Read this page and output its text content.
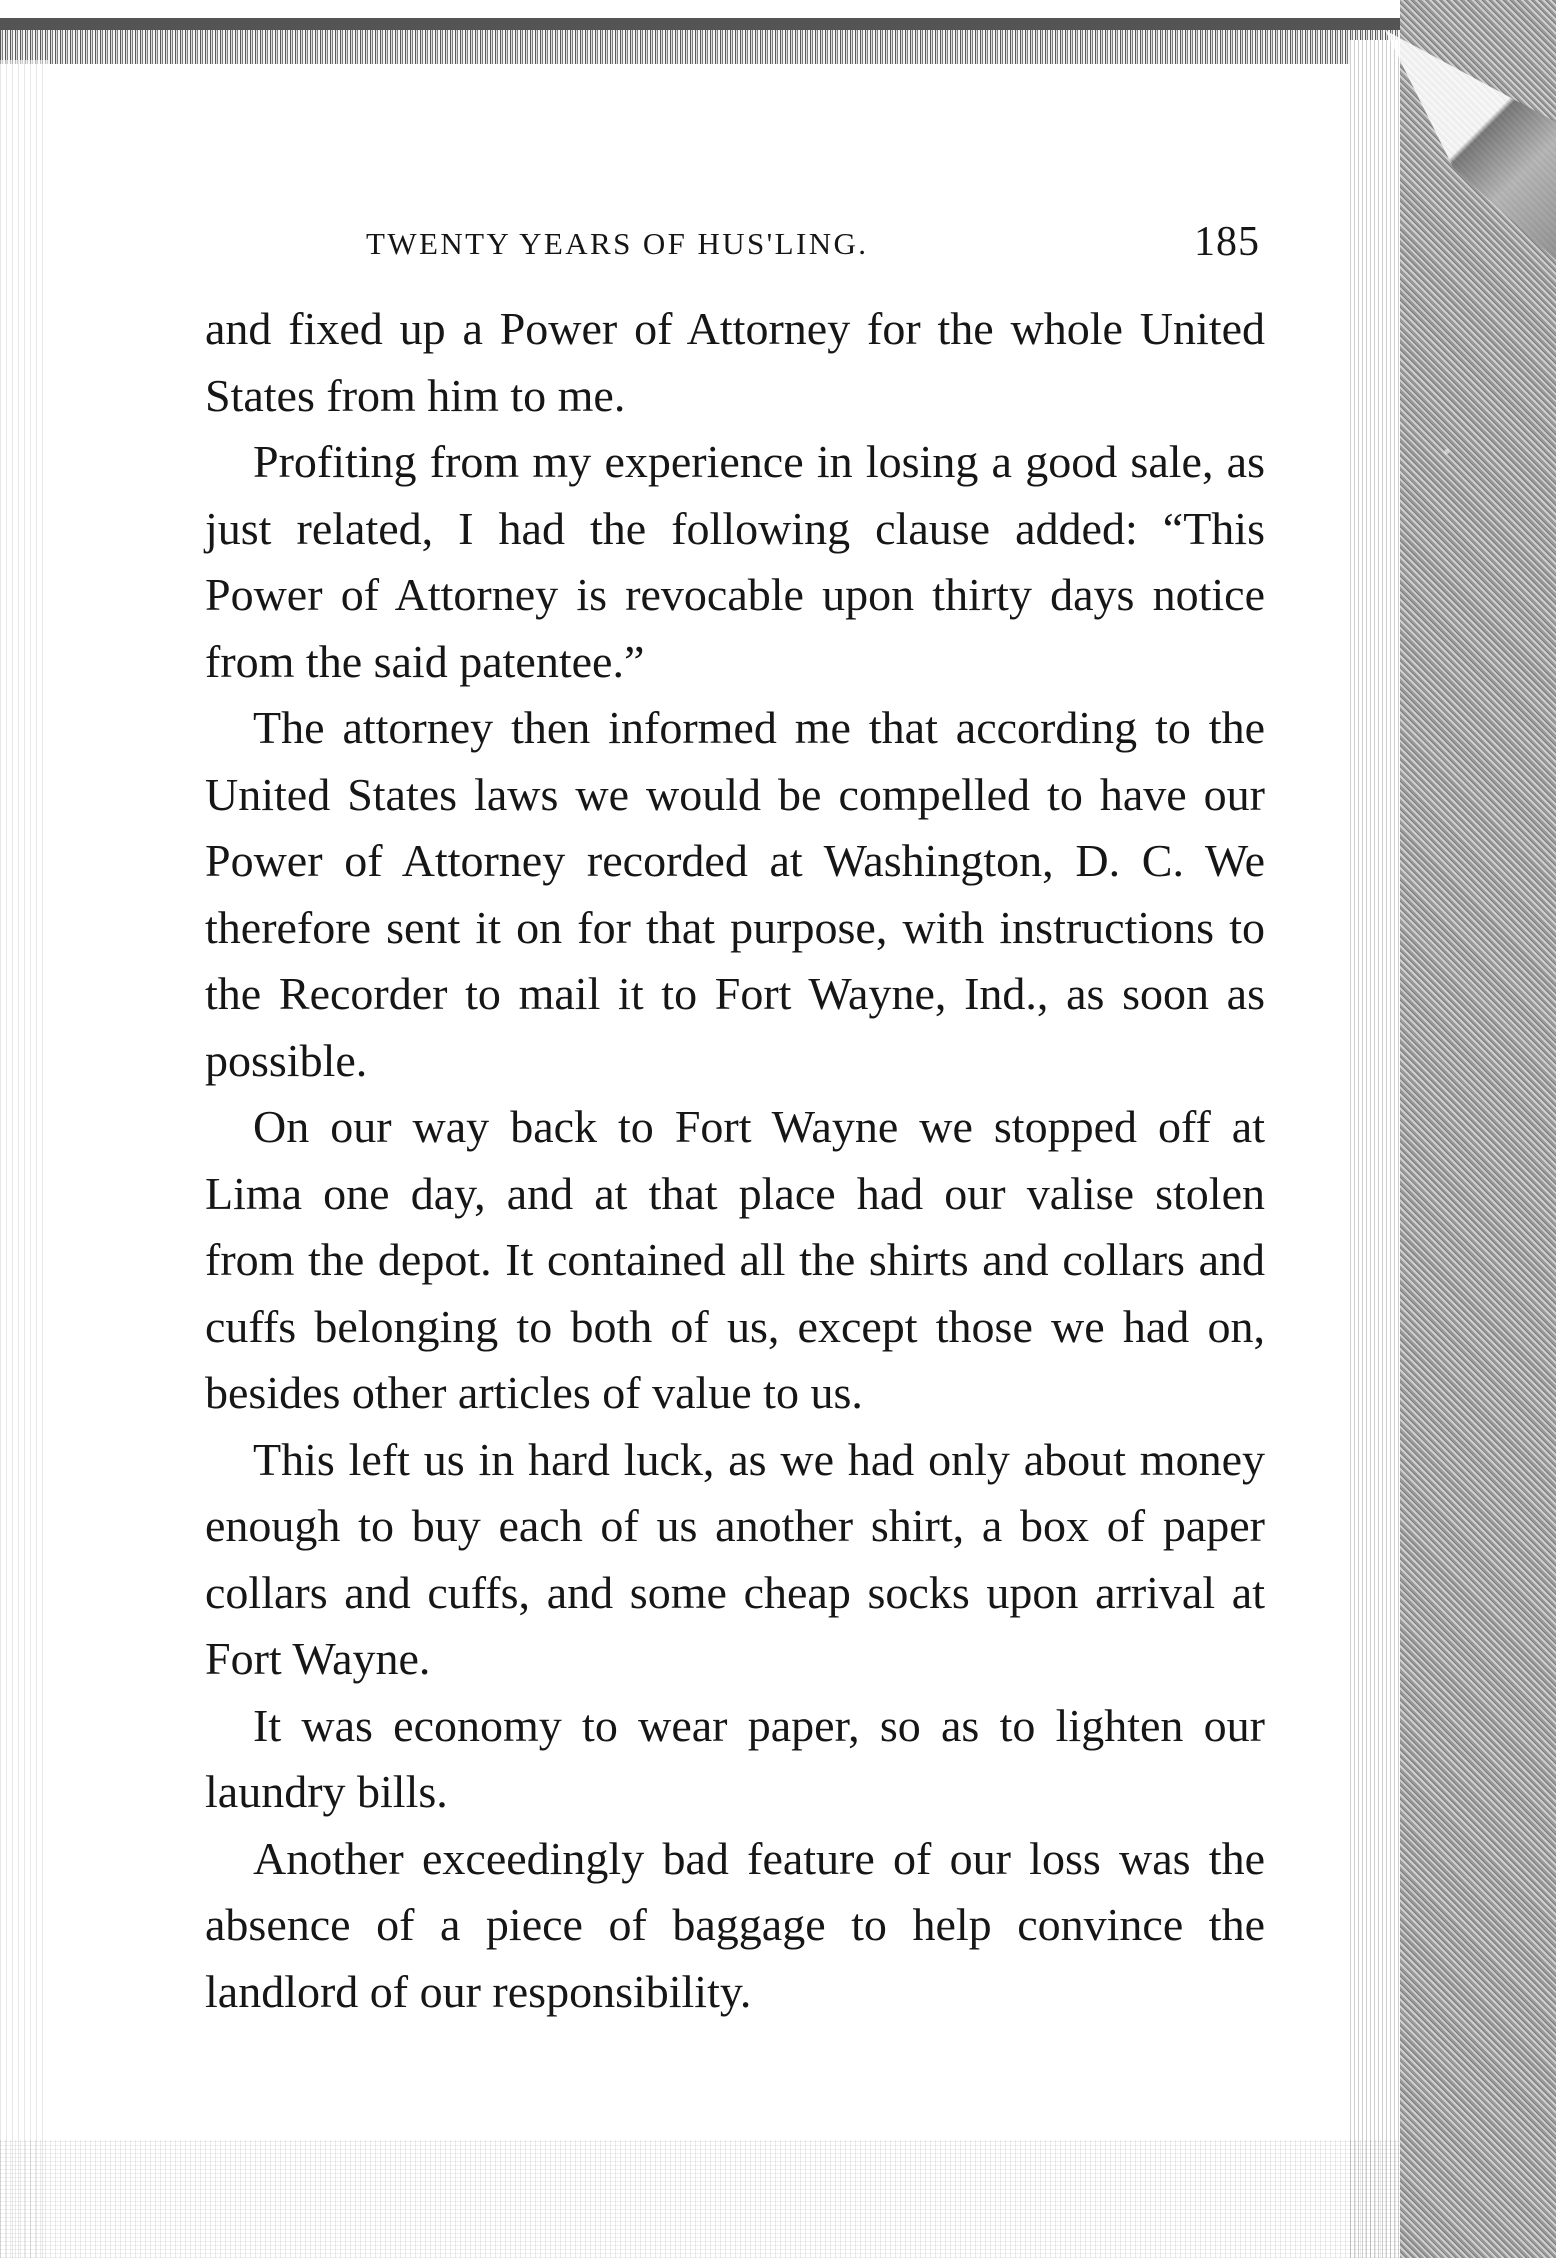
TWENTY YEARS OF HUS'LING.	185

and fixed up a Power of Attorney for the whole United States from him to me.

Profiting from my experience in losing a good sale, as just related, I had the following clause added: “This Power of Attorney is revocable upon thirty days notice from the said patentee.”

The attorney then informed me that according to the United States laws we would be compelled to have our Power of Attorney recorded at Washington, D. C. We therefore sent it on for that purpose, with instructions to the Recorder to mail it to Fort Wayne, Ind., as soon as possible.

On our way back to Fort Wayne we stopped off at Lima one day, and at that place had our valise stolen from the depot. It contained all the shirts and collars and cuffs belonging to both of us, except those we had on, besides other articles of value to us.

This left us in hard luck, as we had only about money enough to buy each of us another shirt, a box of paper collars and cuffs, and some cheap socks upon arrival at Fort Wayne.

It was economy to wear paper, so as to lighten our laundry bills.

Another exceedingly bad feature of our loss was the absence of a piece of baggage to help convince the landlord of our responsibility.
